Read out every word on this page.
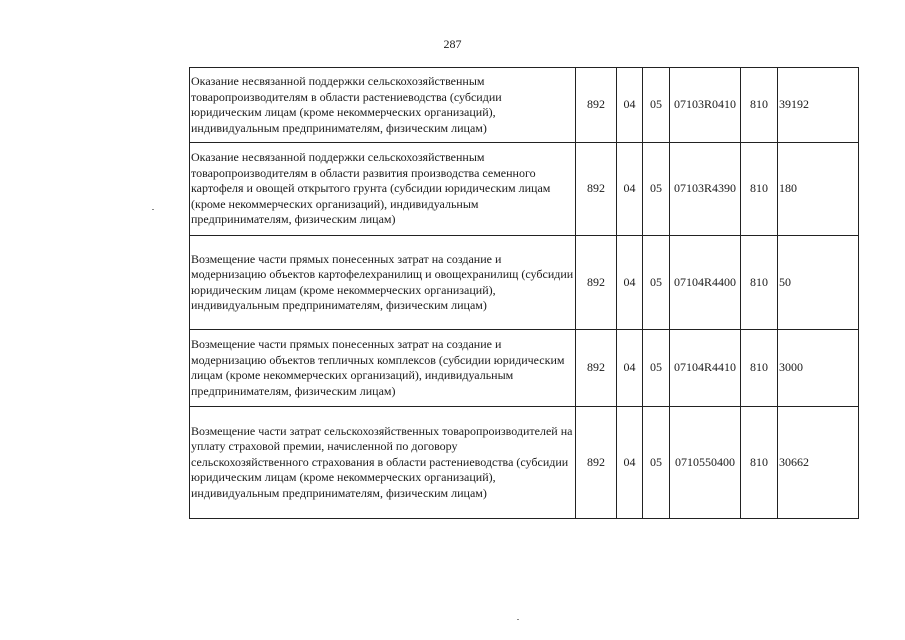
287
Оказание несвязанной поддержки сельскохозяйственным товаропроизводителям в области растениеводства (субсидии юридическим лицам (кроме некоммерческих организаций), индивидуальным предпринимателям, физическим лицам)	892	04	05	07103R0410	810	39192

Оказание несвязанной поддержки сельскохозяйственным товаропроизводителям в области развития производства семенного картофеля и овощей открытого грунта (субсидии юридическим лицам (кроме некоммерческих организаций), индивидуальным предпринимателям, физическим лицам)	892	04	05	07103R4390	810	180

Возмещение части прямых понесенных затрат на создание и модернизацию объектов картофелехранилищ и овощехранилищ (субсидии юридическим лицам (кроме некоммерческих организаций), индивидуальным предпринимателям, физическим лицам)	892	04	05	07104R4400	810	50

Возмещение части прямых понесенных затрат на создание и модернизацию объектов тепличных комплексов (субсидии юридическим лицам (кроме некоммерческих организаций), индивидуальным предпринимателям, физическим лицам)	892	04	05	07104R4410	810	3000

Возмещение части затрат сельскохозяйственных товаропроизводителей на уплату страховой премии, начисленной по договору сельскохозяйственного страхования в области растениеводства (субсидии юридическим лицам (кроме некоммерческих организаций), индивидуальным предпринимателям, физическим лицам)	892	04	05	0710550400	810	30662
